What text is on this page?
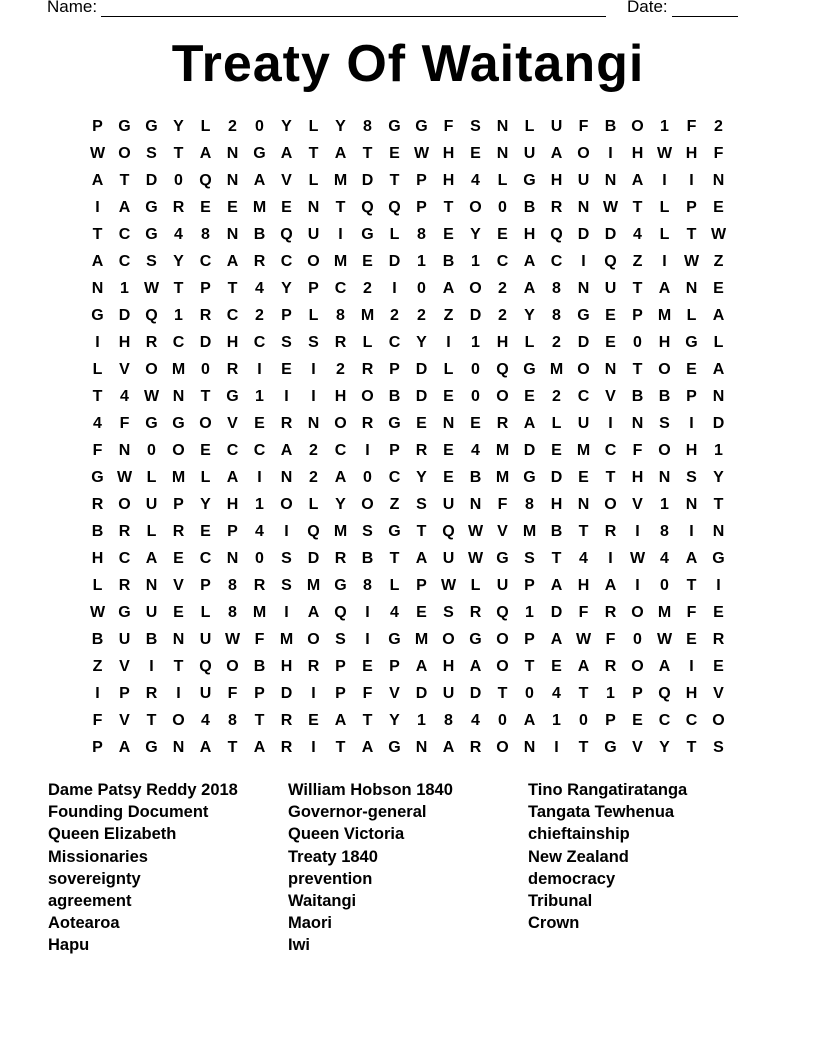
Name:	Date:
Treaty Of Waitangi
P G G Y	L	2	0	Y	L	Y	8	G G F	S N	L	U	F	B O	1	F	2
W O S	T	A N G A	T	A	T	E W H E N U A O	I	H W H	F
A	T	D	0	Q N A V	L M D	T	P H	4	L G H U N A	I	I	N
I	A G R E	E M E N	T Q Q P	T O	0	B R N W T	L	P	E
T	C G	4	8	N B Q U	I	G L	8	E	Y	E H Q D D	4	L	T W
A C S	Y C A R C O M E D	1	B	1	C A C	I	Q Z	I	W Z
N	1 W T	P	T	4	Y	P C	2	I	0	A O	2	A	8	N U	T	A N E
G D Q	1	R C	2	P	L	8 M 2	2	Z	D	2	Y	8	G E	P M L	A
I	H R C D H C S	S R	L	C Y	I	1	H	L	2	D E	0	H G L
L	V O M 0	R	I	E	I	2	R P D	L	0	Q G M O N	T O E A
T	4 W N	T G	1	I	I	H O B D E	0	O E	2	C V B B P N
4	F G G O V	E R N O R G E N E R A	L	U	I	N S	I	D
F	N	0	O E C C A	2	C	I	P R E	4 M D E M C	F O H	1
G W L M L	A	I	N	2	A	0	C Y	E B M G D E	T	H N S	Y
R O U P	Y H	1	O L	Y O Z	S U N	F	8	H N O V	1	N	T
B R	L	R E	P	4	I	Q M S G T Q W V M B	T	R	I	8	I	N
H C A E C N	0	S D R B	T	A U W G S	T	4	I	W 4	A G
L	R N V	P	8	R S M G	8	L	P W L	U P A H A	I	0	T	I
W G U E	L	8 M	I	A Q	I	4	E	S R Q	1	D	F	R O M F	E
B U B N U W F M O S	I	G M O G O P A W F	0 W E R
Z	V	I	T Q O B H R P	E	P A H A O T	E A R O A	I	E
I	P R	I	U	F	P D	I	P	F	V D U D	T	0	4	T	1	P Q H V
F	V	T O	4	8	T	R E A	T	Y	1	8	4	0	A	1	0	P	E C C O
P A G N A	T	A R	I	T	A G N A R O N	I	T G V	Y	T	S
Dame Patsy Reddy 2018
Founding Document
Queen Elizabeth
Missionaries
sovereignty
agreement
Aotearoa
Hapu
William Hobson 1840
Governor-general
Queen Victoria
Treaty 1840
prevention
Waitangi
Maori
Iwi
Tino Rangatiratanga
Tangata Tewhenua
chieftainship
New Zealand
democracy
Tribunal
Crown
